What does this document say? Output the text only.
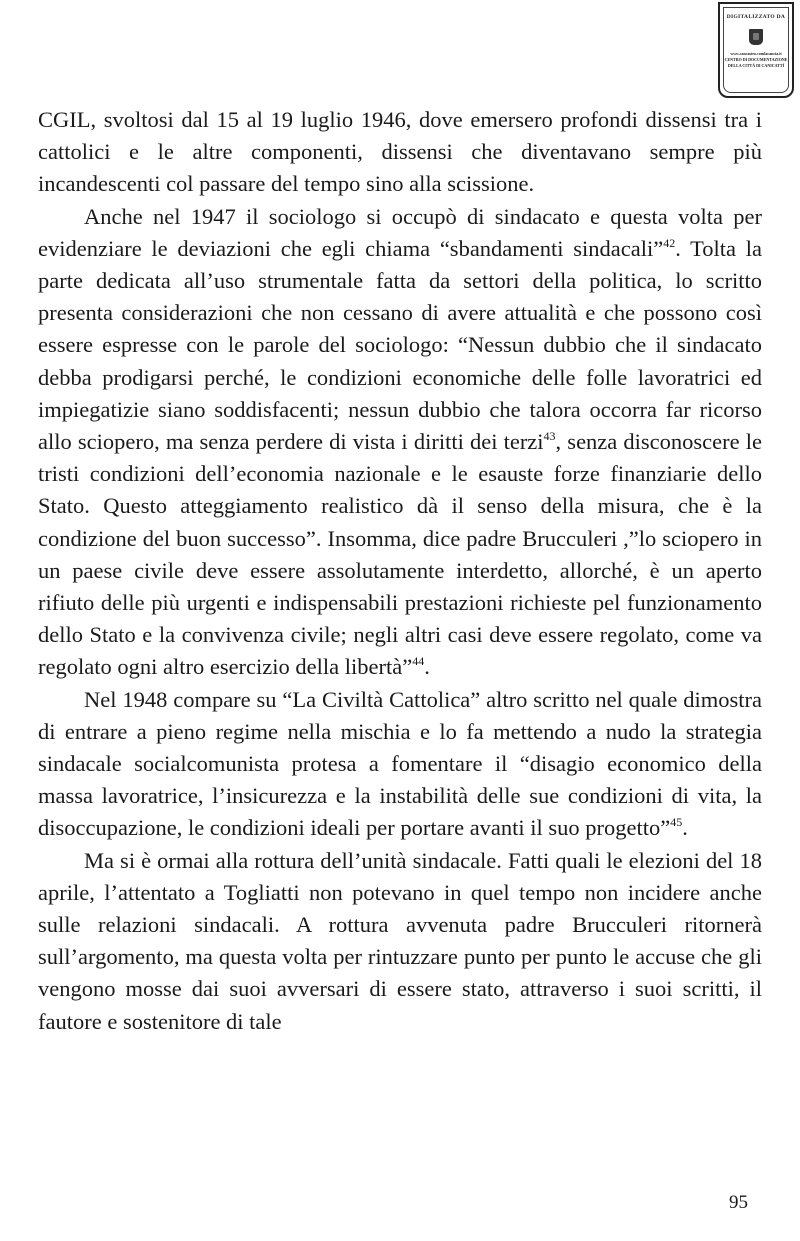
DIGITALIZZATO DA
www.cancastro.comlacancia.it
CENTRO DI DOCUMENTAZIONE
DELLA CITTÀ DI CANICATTÌ

CGIL, svoltosi dal 15 al 19 luglio 1946, dove emersero profondi dissensi tra i cattolici e le altre componenti, dissensi che diventavano sempre più incandescenti col passare del tempo sino alla scissione.

Anche nel 1947 il sociologo si occupò di sindacato e questa volta per evidenziare le deviazioni che egli chiama “sbandamenti sindacali”$^{42}$. Tolta la parte dedicata all’uso strumentale fatta da settori della politica, lo scritto presenta considerazioni che non cessano di avere attualità e che possono così essere espresse con le parole del sociologo: “Nessun dubbio che il sindacato debba prodigarsi perché, le condizioni economiche delle folle lavoratrici ed impiegatizie siano soddisfacenti; nessun dubbio che talora occorra far ricorso allo sciopero, ma senza perdere di vista i diritti dei terzi$^{43}$, senza disconoscere le tristi condizioni dell’economia nazionale e le esauste forze finanziarie dello Stato. Questo atteggiamento realistico dà il senso della misura, che è la condizione del buon successo”. Insomma, dice padre Brucculeri ,”lo sciopero in un paese civile deve essere assolutamente interdetto, allorché, è un aperto rifiuto delle più urgenti e indispensabili prestazioni richieste pel funzionamento dello Stato e la convivenza civile; negli altri casi deve essere regolato, come va regolato ogni altro esercizio della libertà”$^{44}$.

Nel 1948 compare su “La Civiltà Cattolica” altro scritto nel quale dimostra di entrare a pieno regime nella mischia e lo fa mettendo a nudo la strategia sindacale socialcomunista protesa a fomentare il “disagio economico della massa lavoratrice, l’insicurezza e la instabilità delle sue condizioni di vita, la disoccupazione, le condizioni ideali per portare avanti il suo progetto”$^{45}$.

Ma si è ormai alla rottura dell’unità sindacale. Fatti quali le elezioni del 18 aprile, l’attentato a Togliatti non potevano in quel tempo non incidere anche sulle relazioni sindacali. A rottura avvenuta padre Brucculeri ritornerà sull’argomento, ma questa volta per rintuzzare punto per punto le accuse che gli vengono mosse dai suoi avversari di essere stato, attraverso i suoi scritti, il fautore e sostenitore di tale

95
